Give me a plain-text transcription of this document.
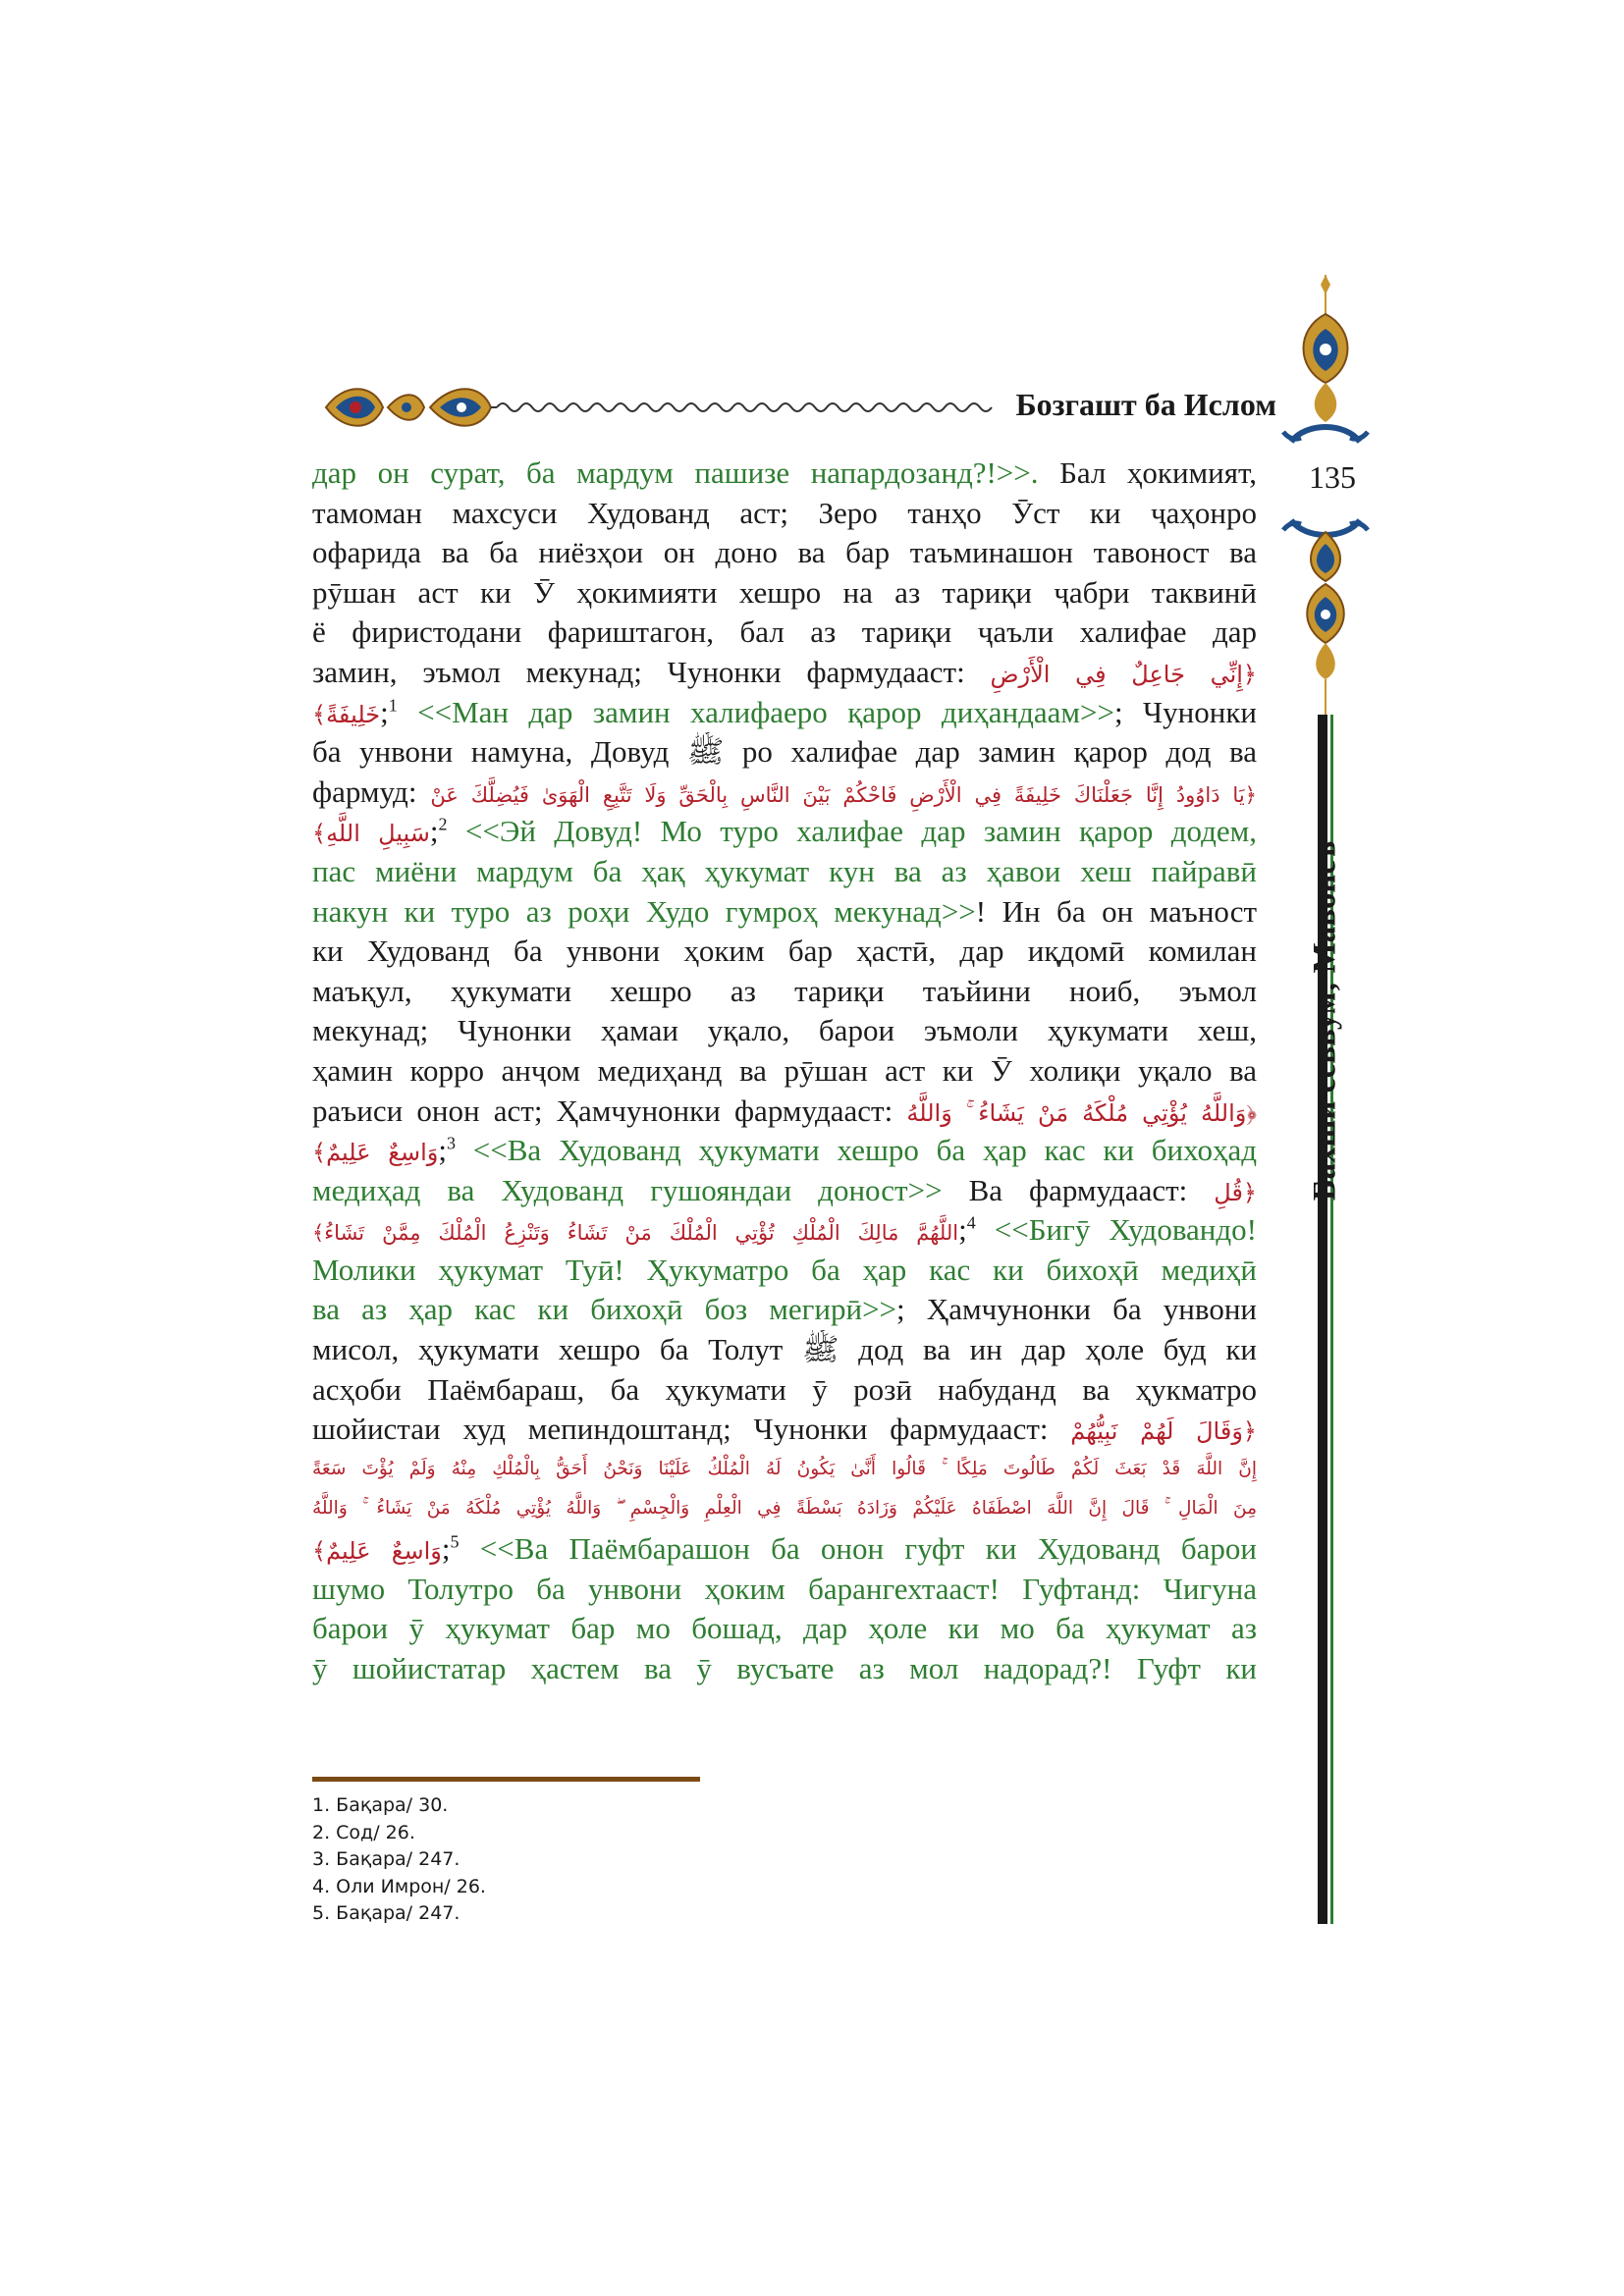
Бозгашт ба Ислом
135
Бахши севвум; Мавонеъ
дар он сурат, ба мардум пашизе напардозанд?!>>. Бал ҳокимият,
тамоман махсуси Худованд аст; Зеро танҳо Ӯст ки ҷаҳонро
офарида ва ба ниёзҳои он доно ва бар таъминашон тавоност ва
рӯшан аст ки Ӯ ҳокимияти хешро на аз тариқи ҷабри таквинӣ
ё фиристодани фариштагон, бал аз тариқи ҷаъли халифае дар
замин, эъмол мекунад; Чунонки фармудааст: ﴿إِنِّي جَاعِلٌ فِي الْأَرْضِ
خَلِيفَةً﴾;$^1$ <<Ман дар замин халифаеро қарор диҳандаам>>; Чунонки
ба унвони намуна, Довуд ﷺ ро халифае дар замин қарор дод ва
фармуд: ﴿يَا دَاوُودُ إِنَّا جَعَلْنَاكَ خَلِيفَةً فِي الْأَرْضِ فَاحْكُمْ بَيْنَ النَّاسِ بِالْحَقِّ وَلَا تَتَّبِعِ الْهَوَىٰ فَيُضِلَّكَ عَنْ
سَبِيلِ اللَّهِ﴾;$^2$ <<Эй Довуд! Мо туро халифае дар замин қарор додем,
пас миёни мардум ба ҳақ ҳукумат кун ва аз ҳавои хеш пайравӣ
накун ки туро аз роҳи Худо гумроҳ мекунад>>! Ин ба он маъност
ки Худованд ба унвони ҳоким бар ҳастӣ, дар иқдомӣ комилан
маъқул, ҳукумати хешро аз тариқи таъйини ноиб, эъмол
мекунад; Чунонки ҳамаи уқало, барои эъмоли ҳукумати хеш,
ҳамин корро анҷом медиҳанд ва рӯшан аст ки Ӯ холиқи уқало ва
раъиси онон аст; Ҳамчунонки фармудааст: ﴿وَاللَّهُ يُؤْتِي مُلْكَهُ مَنْ يَشَاءُ ۚ وَاللَّهُ
وَاسِعٌ عَلِيمٌ﴾;$^3$ <<Ва Худованд ҳукумати хешро ба ҳар кас ки бихоҳад
медиҳад ва Худованд гушояндаи доност>> Ва фармудааст: ﴿قُلِ
اللَّهُمَّ مَالِكَ الْمُلْكِ تُؤْتِي الْمُلْكَ مَنْ تَشَاءُ وَتَنْزِعُ الْمُلْكَ مِمَّنْ تَشَاءُ﴾;$^4$ <<Бигӯ Худовандо!
Молики ҳукумат Туӣ! Ҳукуматро ба ҳар кас ки бихоҳӣ медиҳӣ
ва аз ҳар кас ки бихоҳӣ боз мегирӣ>>; Ҳамчунонки ба унвони
мисол, ҳукумати хешро ба Толут ﷺ дод ва ин дар ҳоле буд ки
асҳоби Паёмбараш, ба ҳукумати ӯ розӣ набуданд ва ҳукматро
шойистаи худ мепиндоштанд; Чунонки фармудааст: ﴿وَقَالَ لَهُمْ نَبِيُّهُمْ
إِنَّ اللَّهَ قَدْ بَعَثَ لَكُمْ طَالُوتَ مَلِكًا ۚ قَالُوا أَنَّىٰ يَكُونُ لَهُ الْمُلْكُ عَلَيْنَا وَنَحْنُ أَحَقُّ بِالْمُلْكِ مِنْهُ وَلَمْ يُؤْتَ سَعَةً
مِنَ الْمَالِ ۚ قَالَ إِنَّ اللَّهَ اصْطَفَاهُ عَلَيْكُمْ وَزَادَهُ بَسْطَةً فِي الْعِلْمِ وَالْجِسْمِ ۖ وَاللَّهُ يُؤْتِي مُلْكَهُ مَنْ يَشَاءُ ۚ وَاللَّهُ
وَاسِعٌ عَلِيمٌ﴾;$^5$ <<Ва Паёмбарашон ба онон гуфт ки Худованд барои
шумо Толутро ба унвони ҳоким барангехтааст! Гуфтанд: Чигуна
барои ӯ ҳукумат бар мо бошад, дар ҳоле ки мо ба ҳукумат аз
ӯ шойистатар ҳастем ва ӯ вусъате аз мол надорад?! Гуфт ки
1. Бақара/ 30.
2. Сод/ 26.
3. Бақара/ 247.
4. Оли Имрон/ 26.
5. Бақара/ 247.
